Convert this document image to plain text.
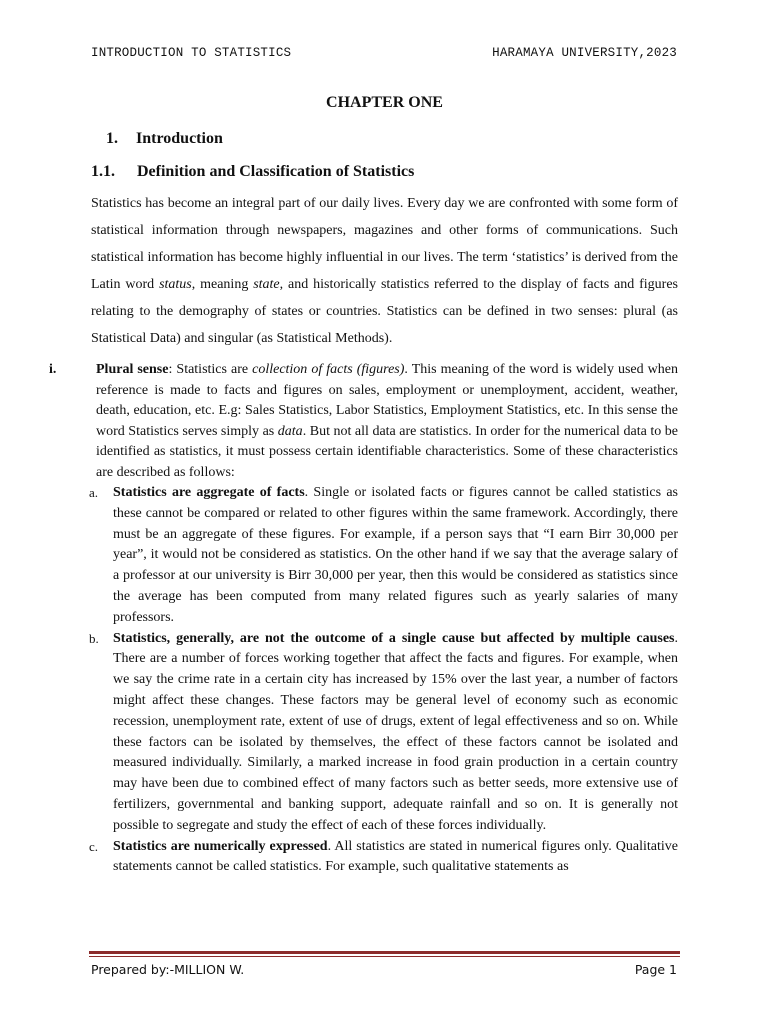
INTRODUCTION TO STATISTICS	HARAMAYA UNIVERSITY,2023
CHAPTER ONE
1. Introduction
1.1. Definition and Classification of Statistics

Statistics has become an integral part of our daily lives. Every day we are confronted with some form of statistical information through newspapers, magazines and other forms of communications. Such statistical information has become highly influential in our lives. The term ‘statistics’ is derived from the Latin word status, meaning state, and historically statistics referred to the display of facts and figures relating to the demography of states or countries. Statistics can be defined in two senses: plural (as Statistical Data) and singular (as Statistical Methods).

i.	Plural sense: Statistics are collection of facts (figures). This meaning of the word is widely used when reference is made to facts and figures on sales, employment or unemployment, accident, weather, death, education, etc. E.g: Sales Statistics, Labor Statistics, Employment Statistics, etc. In this sense the word Statistics serves simply as data. But not all data are statistics. In order for the numerical data to be identified as statistics, it must possess certain identifiable characteristics. Some of these characteristics are described as follows:
a. Statistics are aggregate of facts. Single or isolated facts or figures cannot be called statistics as these cannot be compared or related to other figures within the same framework. Accordingly, there must be an aggregate of these figures. For example, if a person says that “I earn Birr 30,000 per year”, it would not be considered as statistics. On the other hand if we say that the average salary of a professor at our university is Birr 30,000 per year, then this would be considered as statistics since the average has been computed from many related figures such as yearly salaries of many professors.
b. Statistics, generally, are not the outcome of a single cause but affected by multiple causes. There are a number of forces working together that affect the facts and figures. For example, when we say the crime rate in a certain city has increased by 15% over the last year, a number of factors might affect these changes. These factors may be general level of economy such as economic recession, unemployment rate, extent of use of drugs, extent of legal effectiveness and so on. While these factors can be isolated by themselves, the effect of these factors cannot be isolated and measured individually. Similarly, a marked increase in food grain production in a certain country may have been due to combined effect of many factors such as better seeds, more extensive use of fertilizers, governmental and banking support, adequate rainfall and so on. It is generally not possible to segregate and study the effect of each of these forces individually.
c. Statistics are numerically expressed. All statistics are stated in numerical figures only. Qualitative statements cannot be called statistics. For example, such qualitative statements as
Prepared by:-MILLION W.	Page 1
